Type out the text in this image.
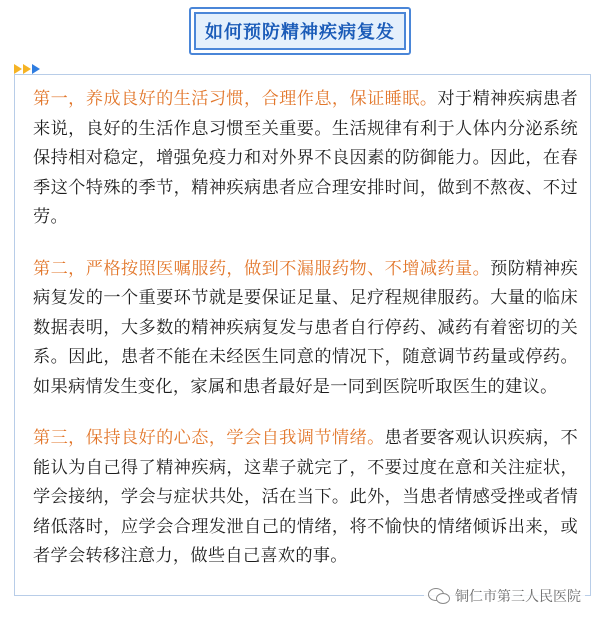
如何预防精神疾病复发

第一，养成良好的生活习惯，合理作息，保证睡眠。对于精神疾病患者来说，良好的生活作息习惯至关重要。生活规律有利于人体内分泌系统保持相对稳定，增强免疫力和对外界不良因素的防御能力。因此，在春季这个特殊的季节，精神疾病患者应合理安排时间，做到不熬夜、不过劳。

第二，严格按照医嘱服药，做到不漏服药物、不增减药量。预防精神疾病复发的一个重要环节就是要保证足量、足疗程规律服药。大量的临床数据表明，大多数的精神疾病复发与患者自行停药、减药有着密切的关系。因此，患者不能在未经医生同意的情况下，随意调节药量或停药。如果病情发生变化，家属和患者最好是一同到医院听取医生的建议。

第三，保持良好的心态，学会自我调节情绪。患者要客观认识疾病，不能认为自己得了精神疾病，这辈子就完了，不要过度在意和关注症状，学会接纳，学会与症状共处，活在当下。此外，当患者情感受挫或者情绪低落时，应学会合理发泄自己的情绪，将不愉快的情绪倾诉出来，或者学会转移注意力，做些自己喜欢的事。

铜仁市第三人民医院
